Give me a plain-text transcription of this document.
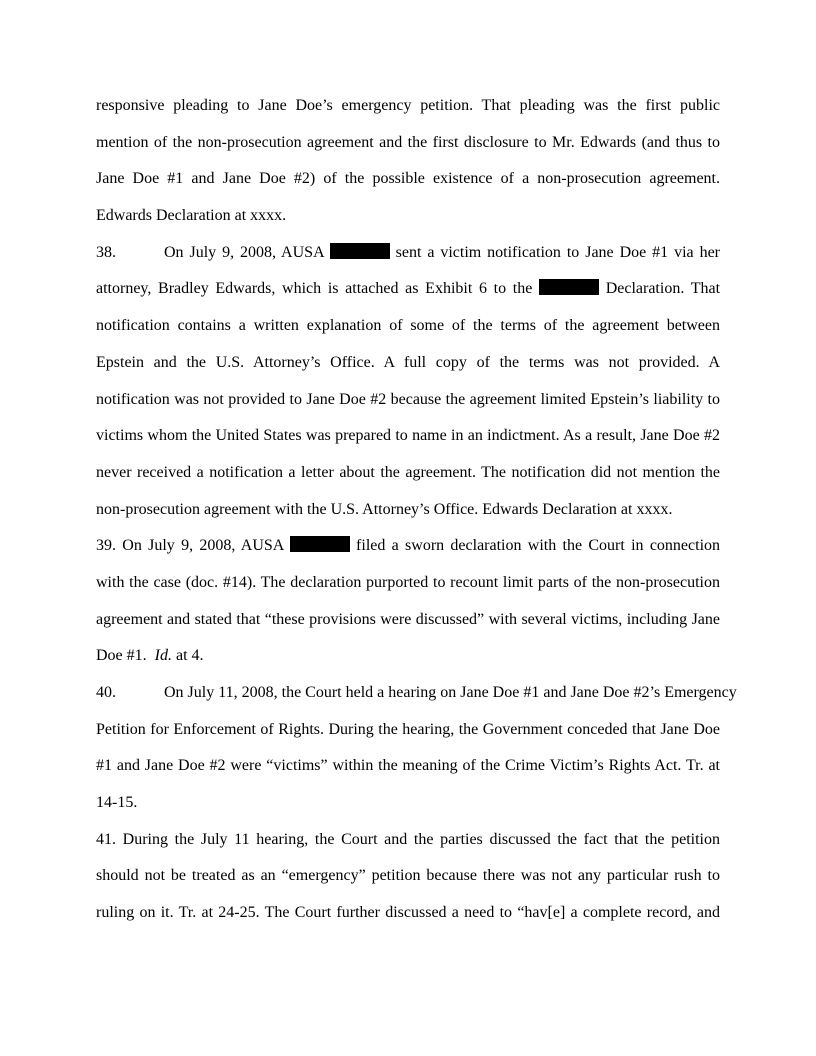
responsive pleading to Jane Doe’s emergency petition. That pleading was the first public
mention of the non-prosecution agreement and the first disclosure to Mr. Edwards (and thus to
Jane Doe #1 and Jane Doe #2) of the possible existence of a non-prosecution agreement.
Edwards Declaration at xxxx.
38.	On July 9, 2008, AUSA	sent a victim notification to Jane Doe #1 via her
attorney, Bradley Edwards, which is attached as Exhibit 6 to the	Declaration. That
notification contains a written explanation of some of the terms of the agreement between
Epstein and the U.S. Attorney’s Office. A full copy of the terms was not provided. A
notification was not provided to Jane Doe #2 because the agreement limited Epstein’s liability to
victims whom the United States was prepared to name in an indictment. As a result, Jane Doe #2
never received a notification a letter about the agreement. The notification did not mention the
non-prosecution agreement with the U.S. Attorney’s Office. Edwards Declaration at xxxx.
39. On July 9, 2008, AUSA	filed a sworn declaration with the Court in connection
with the case (doc. #14). The declaration purported to recount limit parts of the non-prosecution
agreement and stated that “these provisions were discussed” with several victims, including Jane
Doe #1. Id. at 4.
40.	On July 11, 2008, the Court held a hearing on Jane Doe #1 and Jane Doe #2’s Emergency
Petition for Enforcement of Rights. During the hearing, the Government conceded that Jane Doe
#1 and Jane Doe #2 were “victims” within the meaning of the Crime Victim’s Rights Act. Tr. at
14-15.
41. During the July 11 hearing, the Court and the parties discussed the fact that the petition
should not be treated as an “emergency” petition because there was not any particular rush to
ruling on it. Tr. at 24-25. The Court further discussed a need to “hav[e] a complete record, and
